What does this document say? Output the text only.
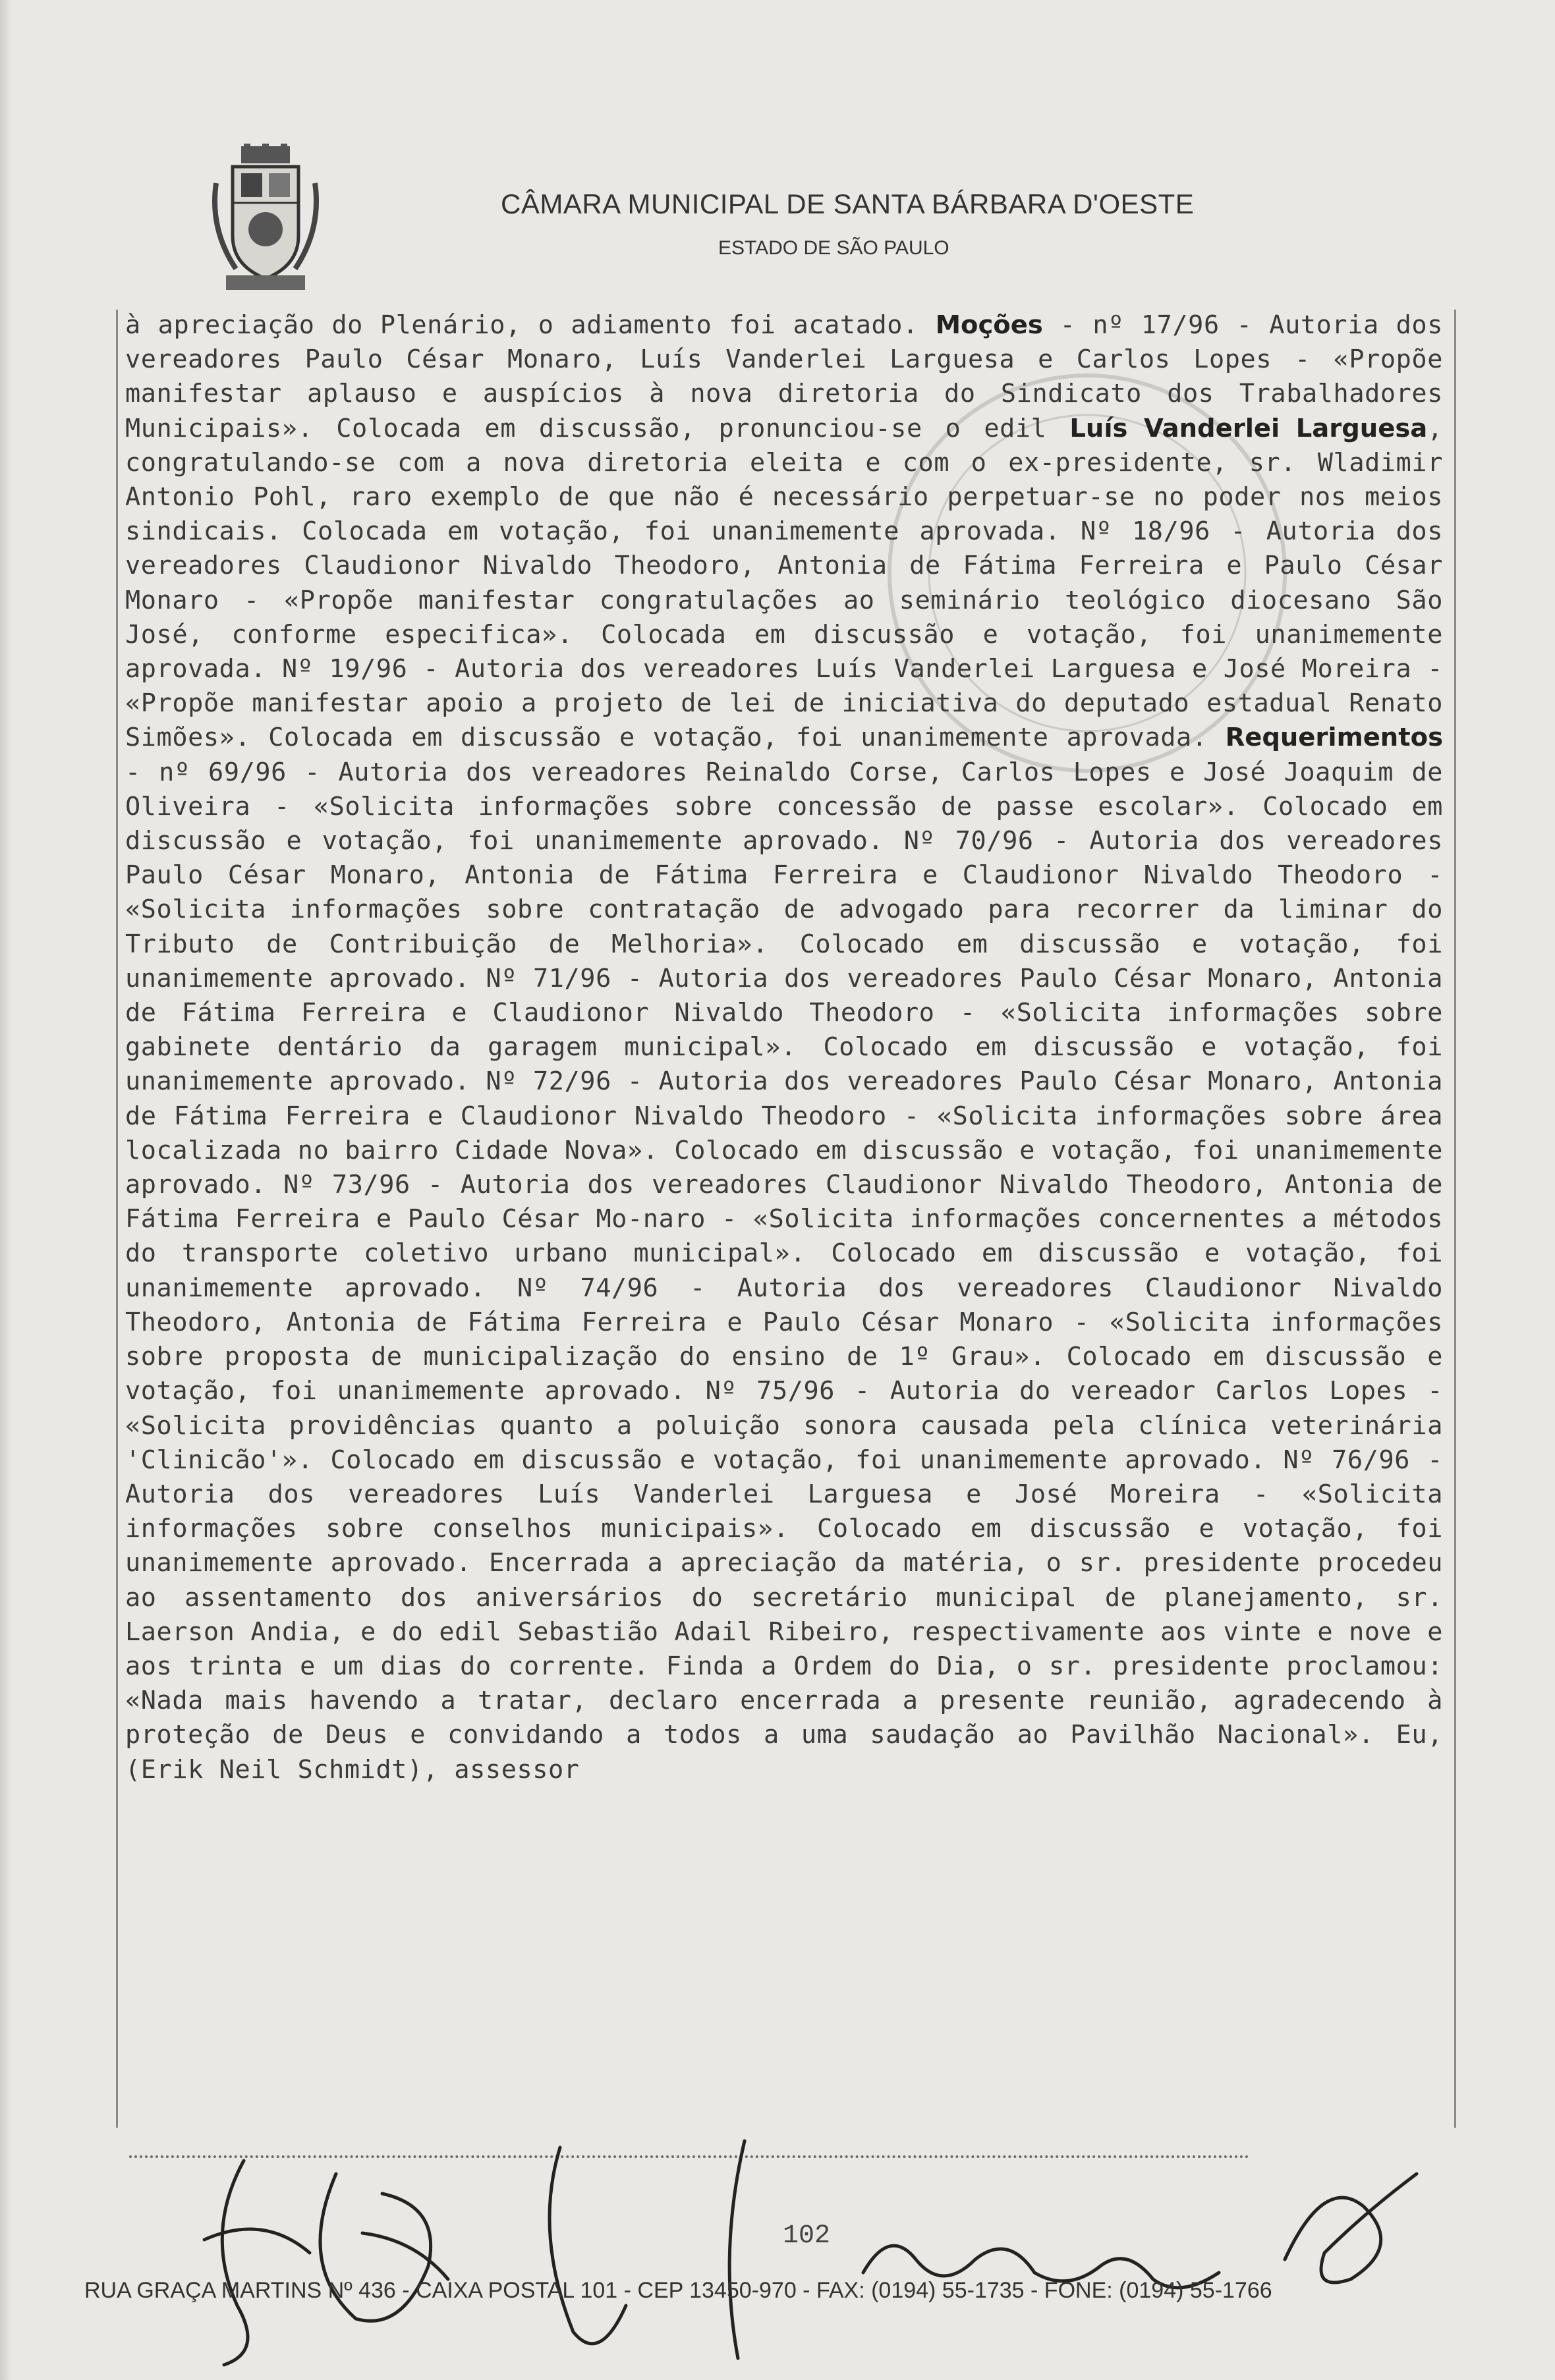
CÂMARA MUNICIPAL DE SANTA BÁRBARA D'OESTE
ESTADO DE SÃO PAULO
à apreciação do Plenário, o adiamento foi acatado. Moções - nº 17/96 - Autoria dos vereadores Paulo César Monaro, Luís Vanderlei Larguesa e Carlos Lopes - «Propõe manifestar aplauso e auspícios à nova diretoria do Sindicato dos Trabalhadores Municipais». Colocada em discussão, pronunciou-se o edil Luís Vanderlei Larguesa, congratulando-se com a nova diretoria eleita e com o ex-presidente, sr. Wladimir Antonio Pohl, raro exemplo de que não é necessário perpetuar-se no poder nos meios sindicais. Colocada em votação, foi unanimemente aprovada. Nº 18/96 - Autoria dos vereadores Claudionor Nivaldo Theodoro, Antonia de Fátima Ferreira e Paulo César Monaro - «Propõe manifestar congratulações ao seminário teológico diocesano São José, conforme especifica». Colocada em discussão e votação, foi unanimemente aprovada. Nº 19/96 - Autoria dos vereadores Luís Vanderlei Larguesa e José Moreira - «Propõe manifestar apoio a projeto de lei de iniciativa do deputado estadual Renato Simões». Colocada em discussão e votação, foi unanimemente aprovada. Requerimentos - nº 69/96 - Autoria dos vereadores Reinaldo Corse, Carlos Lopes e José Joaquim de Oliveira - «Solicita informações sobre concessão de passe escolar». Colocado em discussão e votação, foi unanimemente aprovado. Nº 70/96 - Autoria dos vereadores Paulo César Monaro, Antonia de Fátima Ferreira e Claudionor Nivaldo Theodoro - «Solicita informações sobre contratação de advogado para recorrer da liminar do Tributo de Contribuição de Melhoria». Colocado em discussão e votação, foi unanimemente aprovado. Nº 71/96 - Autoria dos vereadores Paulo César Monaro, Antonia de Fátima Ferreira e Claudionor Nivaldo Theodoro - «Solicita informações sobre gabinete dentário da garagem municipal». Colocado em discussão e votação, foi unanimemente aprovado. Nº 72/96 - Autoria dos vereadores Paulo César Monaro, Antonia de Fátima Ferreira e Claudionor Nivaldo Theodoro - «Solicita informações sobre área localizada no bairro Cidade Nova». Colocado em discussão e votação, foi unanimemente aprovado. Nº 73/96 - Autoria dos vereadores Claudionor Nivaldo Theodoro, Antonia de Fátima Ferreira e Paulo César Mo-naro - «Solicita informações concernentes a métodos do transporte coletivo urbano municipal». Colocado em discussão e votação, foi unanimemente aprovado. Nº 74/96 - Autoria dos vereadores Claudionor Nivaldo Theodoro, Antonia de Fátima Ferreira e Paulo César Monaro - «Solicita informações sobre proposta de municipalização do ensino de 1º Grau». Colocado em discussão e votação, foi unanimemente aprovado. Nº 75/96 - Autoria do vereador Carlos Lopes - «Solicita providências quanto a poluição sonora causada pela clínica veterinária 'Clinicão'». Colocado em discussão e votação, foi unanimemente aprovado. Nº 76/96 - Autoria dos vereadores Luís Vanderlei Larguesa e José Moreira - «Solicita informações sobre conselhos municipais». Colocado em discussão e votação, foi unanimemente aprovado. Encerrada a apreciação da matéria, o sr. presidente procedeu ao assentamento dos aniversários do secretário municipal de planejamento, sr. Laerson Andia, e do edil Sebastião Adail Ribeiro, respectivamente aos vinte e nove e aos trinta e um dias do corrente. Finda a Ordem do Dia, o sr. presidente proclamou: «Nada mais havendo a tratar, declaro encerrada a presente reunião, agradecendo à proteção de Deus e convidando a todos a uma saudação ao Pavilhão Nacional». Eu, (Erik Neil Schmidt), assessor
102
RUA GRAÇA MARTINS Nº 436 - CAIXA POSTAL 101 - CEP 13450-970 - FAX: (0194) 55-1735 - FONE: (0194) 55-1766
